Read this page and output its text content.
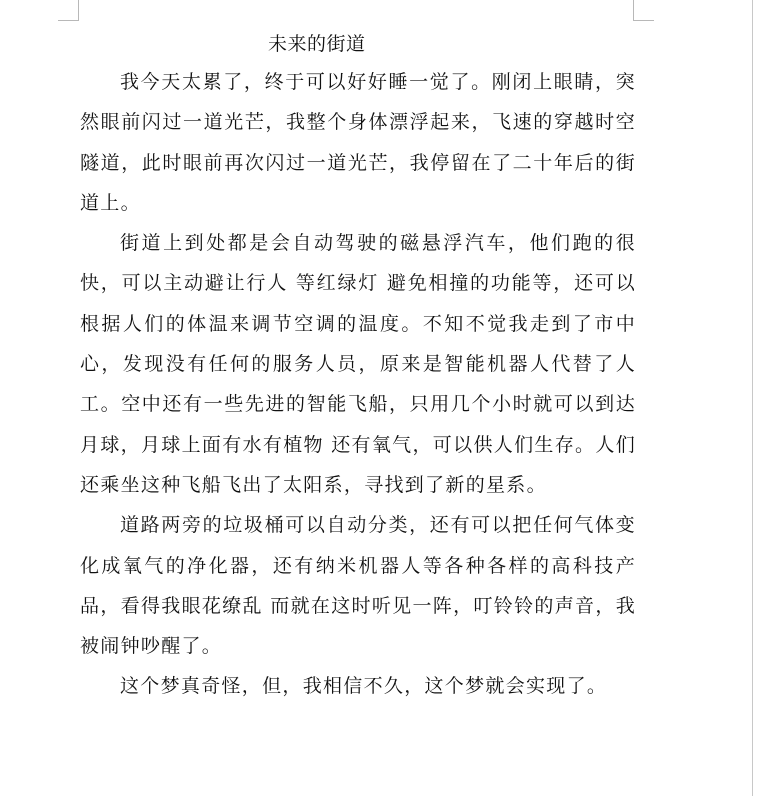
未来的街道

我今天太累了，终于可以好好睡一觉了。刚闭上眼睛，突然眼前闪过一道光芒，我整个身体漂浮起来，飞速的穿越时空隧道，此时眼前再次闪过一道光芒，我停留在了二十年后的街道上。

街道上到处都是会自动驾驶的磁悬浮汽车，他们跑的很快，可以主动避让行人 等红绿灯 避免相撞的功能等，还可以根据人们的体温来调节空调的温度。不知不觉我走到了市中心，发现没有任何的服务人员，原来是智能机器人代替了人工。空中还有一些先进的智能飞船，只用几个小时就可以到达月球，月球上面有水有植物 还有氧气，可以供人们生存。人们还乘坐这种飞船飞出了太阳系，寻找到了新的星系。

道路两旁的垃圾桶可以自动分类，还有可以把任何气体变化成氧气的净化器，还有纳米机器人等各种各样的高科技产品，看得我眼花缭乱 而就在这时听见一阵，叮铃铃的声音，我被闹钟吵醒了。

这个梦真奇怪，但，我相信不久，这个梦就会实现了。
